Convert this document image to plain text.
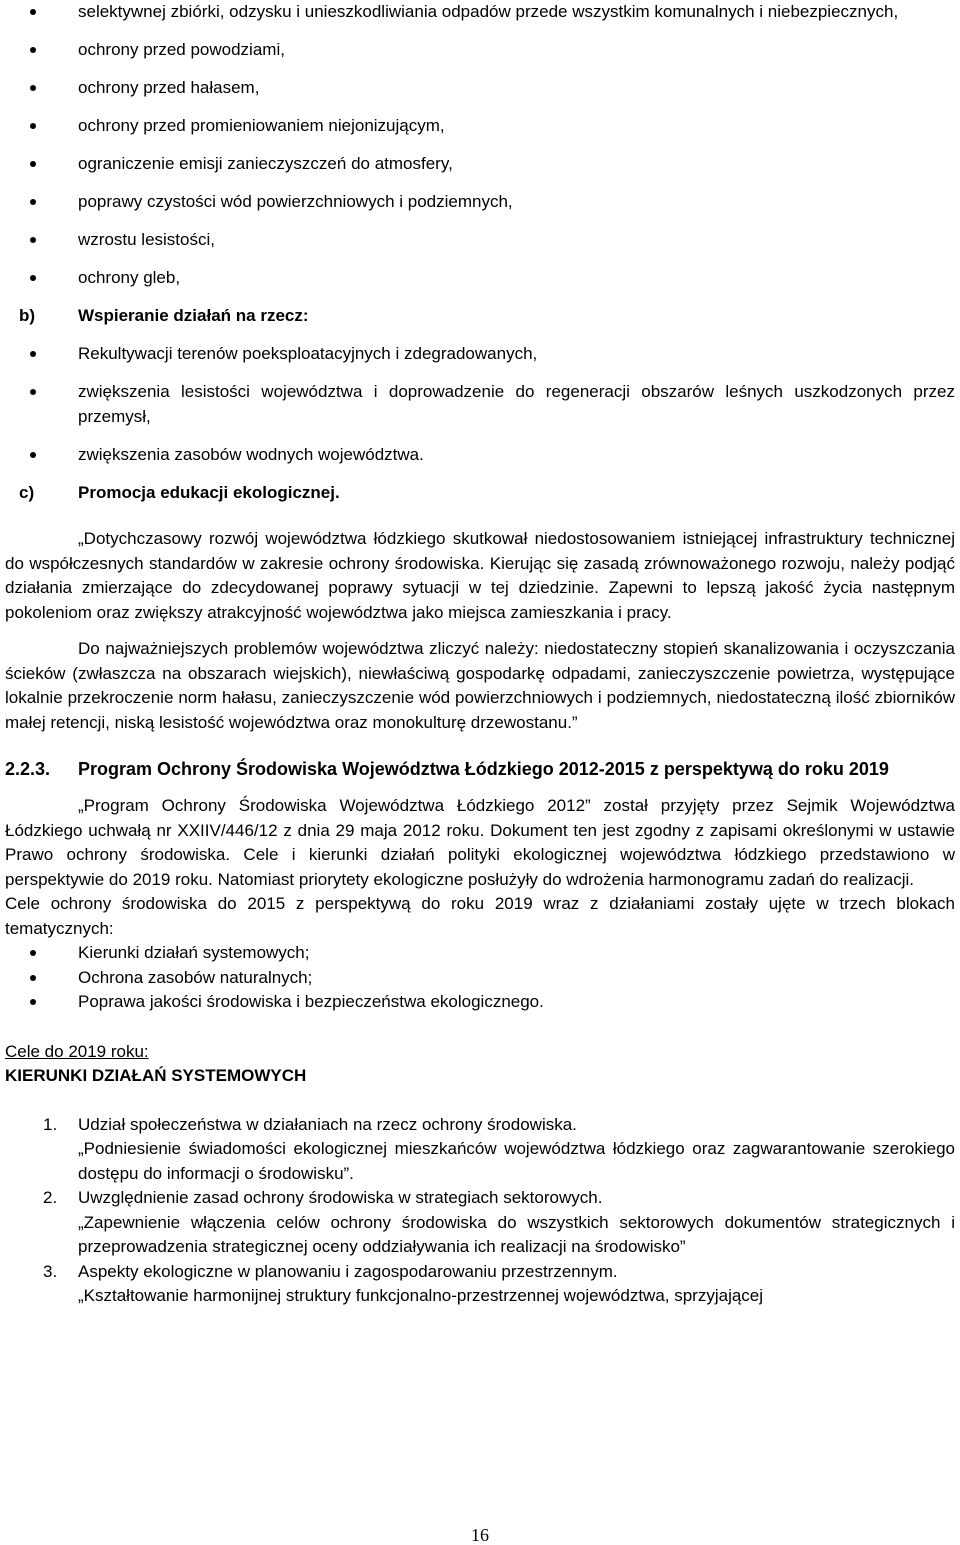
selektywnej zbiórki, odzysku i unieszkodliwiania odpadów przede wszystkim komunalnych i niebezpiecznych,
ochrony przed powodziami,
ochrony przed hałasem,
ochrony przed promieniowaniem niejonizującym,
ograniczenie emisji zanieczyszczeń do atmosfery,
poprawy czystości wód powierzchniowych i podziemnych,
wzrostu lesistości,
ochrony gleb,
b)	Wspieranie działań na rzecz:
Rekultywacji terenów poeksploatacyjnych i zdegradowanych,
zwiększenia lesistości województwa i doprowadzenie do regeneracji obszarów leśnych uszkodzonych przez przemysł,
zwiększenia zasobów wodnych województwa.
c)	Promocja edukacji ekologicznej.

„Dotychczasowy rozwój województwa łódzkiego skutkował niedostosowaniem istniejącej infrastruktury technicznej do współczesnych standardów w zakresie ochrony środowiska. Kierując się zasadą zrównoważonego rozwoju, należy podjąć działania zmierzające do zdecydowanej poprawy sytuacji w tej dziedzinie. Zapewni to lepszą jakość życia następnym pokoleniom oraz zwiększy atrakcyjność województwa jako miejsca zamieszkania i pracy.

Do najważniejszych problemów województwa zliczyć należy: niedostateczny stopień skanalizowania i oczyszczania ścieków (zwłaszcza na obszarach wiejskich), niewłaściwą gospodarkę odpadami, zanieczyszczenie powietrza, występujące lokalnie przekroczenie norm hałasu, zanieczyszczenie wód powierzchniowych i podziemnych, niedostateczną ilość zbiorników małej retencji, niską lesistość województwa oraz monokulturę drzewostanu.”

2.2.3. Program Ochrony Środowiska Województwa Łódzkiego 2012-2015 z perspektywą do roku 2019

„Program Ochrony Środowiska Województwa Łódzkiego 2012” został przyjęty przez Sejmik Województwa Łódzkiego uchwałą nr XXIIV/446/12 z dnia 29 maja 2012 roku. Dokument ten jest zgodny z zapisami określonymi w ustawie Prawo ochrony środowiska. Cele i kierunki działań polityki ekologicznej województwa łódzkiego przedstawiono w perspektywie do 2019 roku. Natomiast priorytety ekologiczne posłużyły do wdrożenia harmonogramu zadań do realizacji.

Cele ochrony środowiska do 2015 z perspektywą do roku 2019 wraz z działaniami zostały ujęte w trzech blokach tematycznych:

Kierunki działań systemowych;
Ochrona zasobów naturalnych;
Poprawa jakości środowiska i bezpieczeństwa ekologicznego.
Cele do 2019 roku:
KIERUNKI DZIAŁAŃ SYSTEMOWYCH
1. Udział społeczeństwa w działaniach na rzecz ochrony środowiska.
„Podniesienie świadomości ekologicznej mieszkańców województwa łódzkiego oraz zagwarantowanie szerokiego dostępu do informacji o środowisku”.
2. Uwzględnienie zasad ochrony środowiska w strategiach sektorowych.
„Zapewnienie włączenia celów ochrony środowiska do wszystkich sektorowych dokumentów strategicznych i przeprowadzenia strategicznej oceny oddziaływania ich realizacji na środowisko”
3. Aspekty ekologiczne w planowaniu i zagospodarowaniu przestrzennym.
„Kształtowanie harmonijnej struktury funkcjonalno-przestrzennej województwa, sprzyjającej
16
